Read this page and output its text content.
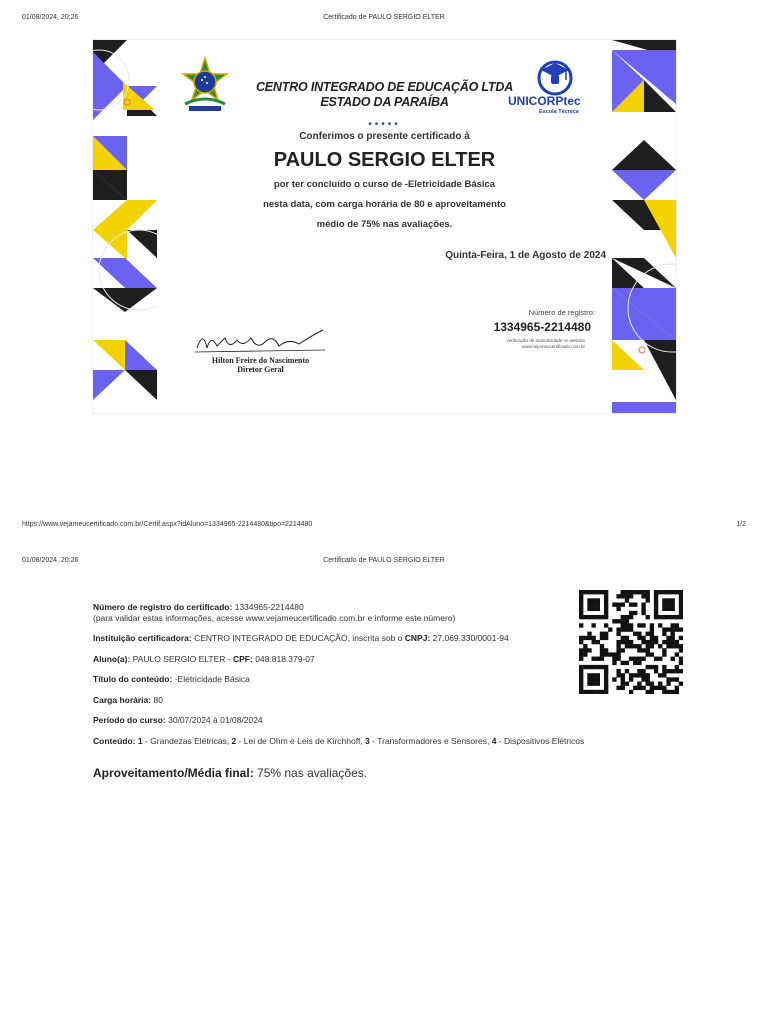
01/08/2024, 20:26	Certificado de PAULO SERGIO ELTER
CENTRO INTEGRADO DE EDUCAÇÃO LTDA
ESTADO DA PARAÍBA	UNICORPtec
Escola Técnica
•••••
Conferimos o presente certificado à
PAULO SERGIO ELTER
por ter concluído o curso de -Eletricidade Básica
nesta data, com carga horária de 80 e aproveitamento
médio de 75% nas avaliações.
Quinta-Feira, 1 de Agosto de 2024
Número de registro:
1334965-2214480
verificação de autenticidade no website
www.vejameucertificado.com.br
Hilton Freire do Nascimento
Diretor Geral
https://www.vejameucertificado.com.br/Certif.aspx?idAluno=1334965-2214480&tipo=2214480	1/2
01/08/2024, 20:26	Certificado de PAULO SERGIO ELTER
Número de registro do certificado: 1334965-2214480
(para validar estas informações, acesse www.vejameucertificado.com.br e informe este número)
Instituição certificadora: CENTRO INTEGRADO DE EDUCAÇÃO, inscrita sob o CNPJ: 27.069.330/0001-94
Aluno(a): PAULO SERGIO ELTER - CPF: 048.818.379-07
Título do conteúdo: -Eletricidade Básica
Carga horária: 80
Período do curso: 30/07/2024 à 01/08/2024
Conteúdo: 1 - Grandezas Elétricas, 2 - Lei de Ohm e Leis de Kirchhoff, 3 - Transformadores e Sensores, 4 - Dispositivos Elétricos
Aproveitamento/Média final: 75% nas avaliações.
